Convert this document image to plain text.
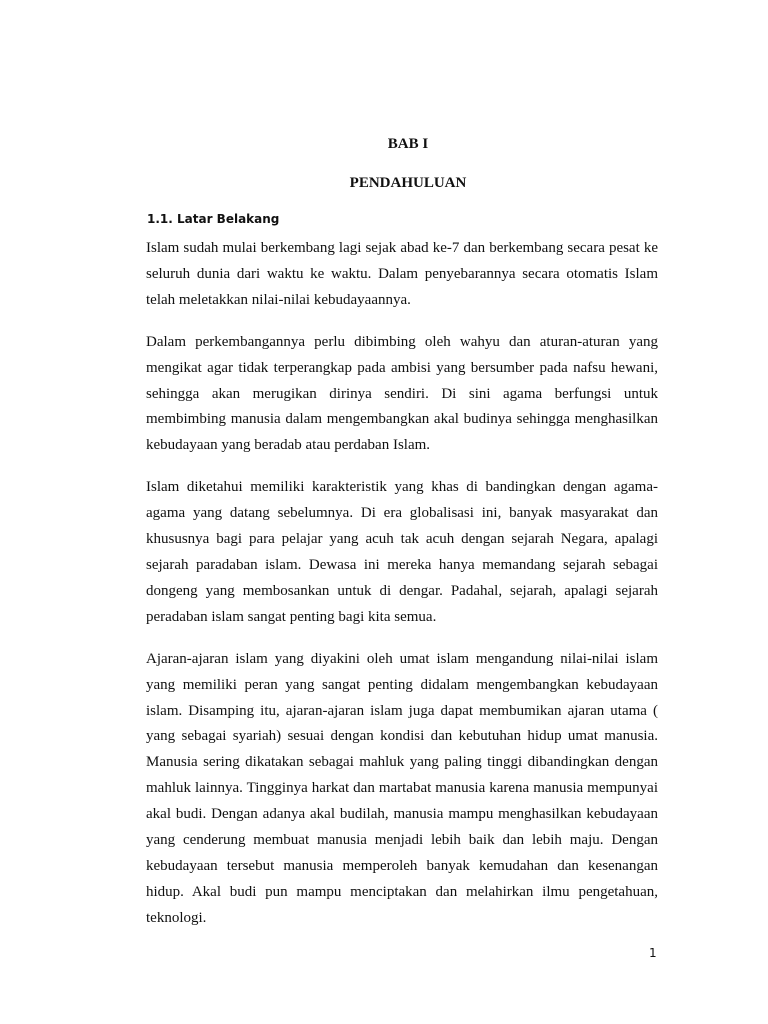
BAB I
PENDAHULUAN
1.1. Latar Belakang

Islam sudah mulai berkembang lagi sejak abad ke-7 dan berkembang secara pesat ke seluruh dunia dari waktu ke waktu. Dalam penyebarannya secara otomatis Islam telah meletakkan nilai-nilai kebudayaannya.

Dalam perkembangannya perlu dibimbing oleh wahyu dan aturan-aturan yang mengikat agar tidak terperangkap pada ambisi yang bersumber pada nafsu hewani, sehingga akan merugikan dirinya sendiri. Di sini agama berfungsi untuk membimbing manusia dalam mengembangkan akal budinya sehingga menghasilkan kebudayaan yang beradab atau perdaban Islam.

Islam diketahui memiliki karakteristik yang khas di bandingkan dengan agama-agama yang datang sebelumnya. Di era globalisasi ini, banyak masyarakat dan khususnya bagi para pelajar yang acuh tak acuh dengan sejarah Negara, apalagi sejarah paradaban islam. Dewasa ini mereka hanya memandang sejarah sebagai dongeng yang membosankan untuk di dengar. Padahal, sejarah, apalagi sejarah peradaban islam sangat penting bagi kita semua.

Ajaran-ajaran islam yang diyakini oleh umat islam mengandung nilai-nilai islam yang memiliki peran yang sangat penting didalam mengembangkan kebudayaan islam. Disamping itu, ajaran-ajaran islam juga dapat membumikan ajaran utama ( yang sebagai syariah) sesuai dengan kondisi dan kebutuhan hidup umat manusia. Manusia sering dikatakan sebagai mahluk yang paling tinggi dibandingkan dengan mahluk lainnya. Tingginya harkat dan martabat manusia karena manusia mempunyai akal budi. Dengan adanya akal budilah, manusia mampu menghasilkan kebudayaan yang cenderung membuat manusia menjadi lebih baik dan lebih maju. Dengan kebudayaan tersebut manusia memperoleh banyak kemudahan dan kesenangan hidup. Akal budi pun mampu menciptakan dan melahirkan ilmu pengetahuan, teknologi.

1
